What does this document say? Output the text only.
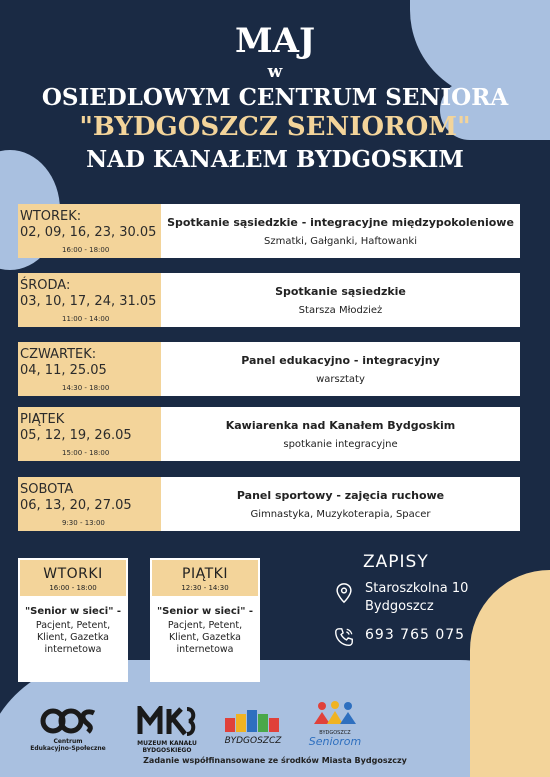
MAJ
w
OSIEDLOWYM CENTRUM SENIORA
"BYDGOSZCZ SENIOROM"
NAD KANAŁEM BYDGOSKIM
WTOREK:
02, 09, 16, 23, 30.05
16:00 - 18:00
Spotkanie sąsiedzkie - integracyjne międzypokoleniowe
Szmatki, Gałganki, Haftowanki
ŚRODA:
03, 10, 17, 24, 31.05
11:00 - 14:00
Spotkanie sąsiedzkie
Starsza Młodzież
CZWARTEK:
04, 11, 25.05
14:30 - 18:00
Panel edukacyjno - integracyjny
warsztaty
PIĄTEK
05, 12, 19, 26.05
15:00 - 18:00
Kawiarenka nad Kanałem Bydgoskim
spotkanie integracyjne
SOBOTA
06, 13, 20, 27.05
9:30 - 13:00
Panel sportowy - zajęcia ruchowe
Gimnastyka, Muzykoterapia, Spacer
WTORKI
16:00 - 18:00
"Senior w sieci" -
Pacjent, Petent, Klient, Gazetka internetowa
PIĄTKI
12:30 - 14:30
"Senior w sieci" -
Pacjent, Petent, Klient, Gazetka internetowa
ZAPISY
Staroszkolna 10
Bydgoszcz
693 765 075
Centrum
Edukacyjno-Społeczne
MUZEUM KANAŁU
BYDGOSKIEGO
BYDGOSZCZ
BYDGOSZCZ
Seniorom
Zadanie współfinansowane ze środków Miasta Bydgoszczy
